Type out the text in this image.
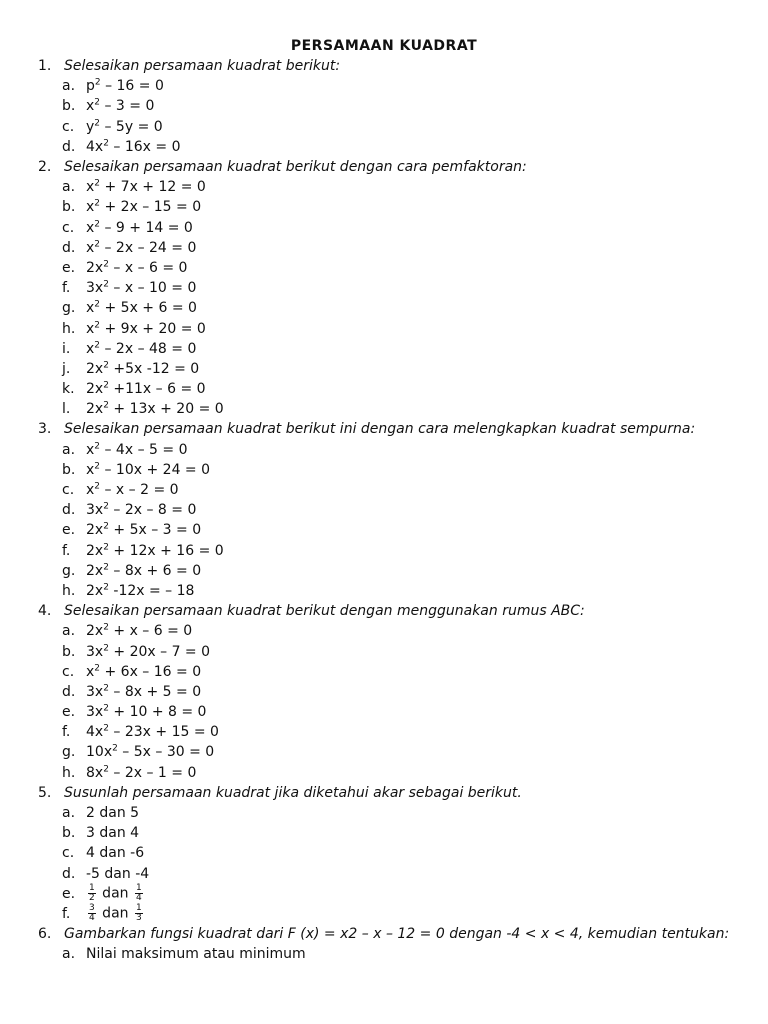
PERSAMAAN KUADRAT
1. Selesaikan persamaan kuadrat berikut:
a. $p^2 - 16 = 0$
b. $x^2 - 3 = 0$
c. $y^2 - 5y = 0$
d. $4x^2 - 16x = 0$
2. Selesaikan persamaan kuadrat berikut dengan cara pemfaktoran:
a. $x^2 + 7x + 12 = 0$
b. $x^2 + 2x - 15 = 0$
c. $x^2 - 9 + 14 = 0$
d. $x^2 - 2x - 24 = 0$
e. $2x^2 - x - 6 = 0$
f.	$3x^2 - x - 10 = 0$
g. $x^2 + 5x + 6 = 0$
h. $x^2 + 9x + 20 = 0$
i.	$x^2 - 2x - 48 = 0$
j.	$2x^2 +5x$ -12 = 0
k. $2x^2 +11x - 6 = 0$
l.	$2x^2 + 13x + 20 = 0$
3. Selesaikan persamaan kuadrat berikut ini dengan cara melengkapkan kuadrat sempurna:
a. $x^2 - 4x - 5 = 0$
b. $x^2 - 10x + 24 = 0$
c. $x^2 - x - 2 = 0$
d. $3x^2 - 2x - 8 = 0$
e. $2x^2 + 5x - 3 = 0$
f.	$2x^2 + 12x + 16 = 0$
g. $2x^2 - 8x + 6 = 0$
h. $2x^2$ -12x = – 18
4. Selesaikan persamaan kuadrat berikut dengan menggunakan rumus ABC:
a. $2x^2 + x - 6 = 0$
b. $3x^2 + 20x - 7 = 0$
c. $x^2 + 6x - 16 = 0$
d. $3x^2 - 8x + 5 = 0$
e. $3x^2 + 10 + 8 = 0$
f.	$4x^2 - 23x + 15 = 0$
g. $10x^2 - 5x - 30 = 0$
h. $8x^2 - 2x - 1 = 0$
5. Susunlah persamaan kuadrat jika diketahui akar sebagai berikut.
a. 2 dan 5
b. 3 dan 4
c. 4 dan -6
d. -5 dan -4
e.	$\frac{1}{2}$ dan $\frac{1}{4}$
f.	$\frac{3}{4}$ dan $\frac{1}{3}$
6. Gambarkan fungsi kuadrat dari F (x) = x2 – x – 12 = 0 dengan -4 < x < 4, kemudian tentukan:
a. Nilai maksimum atau minimum
